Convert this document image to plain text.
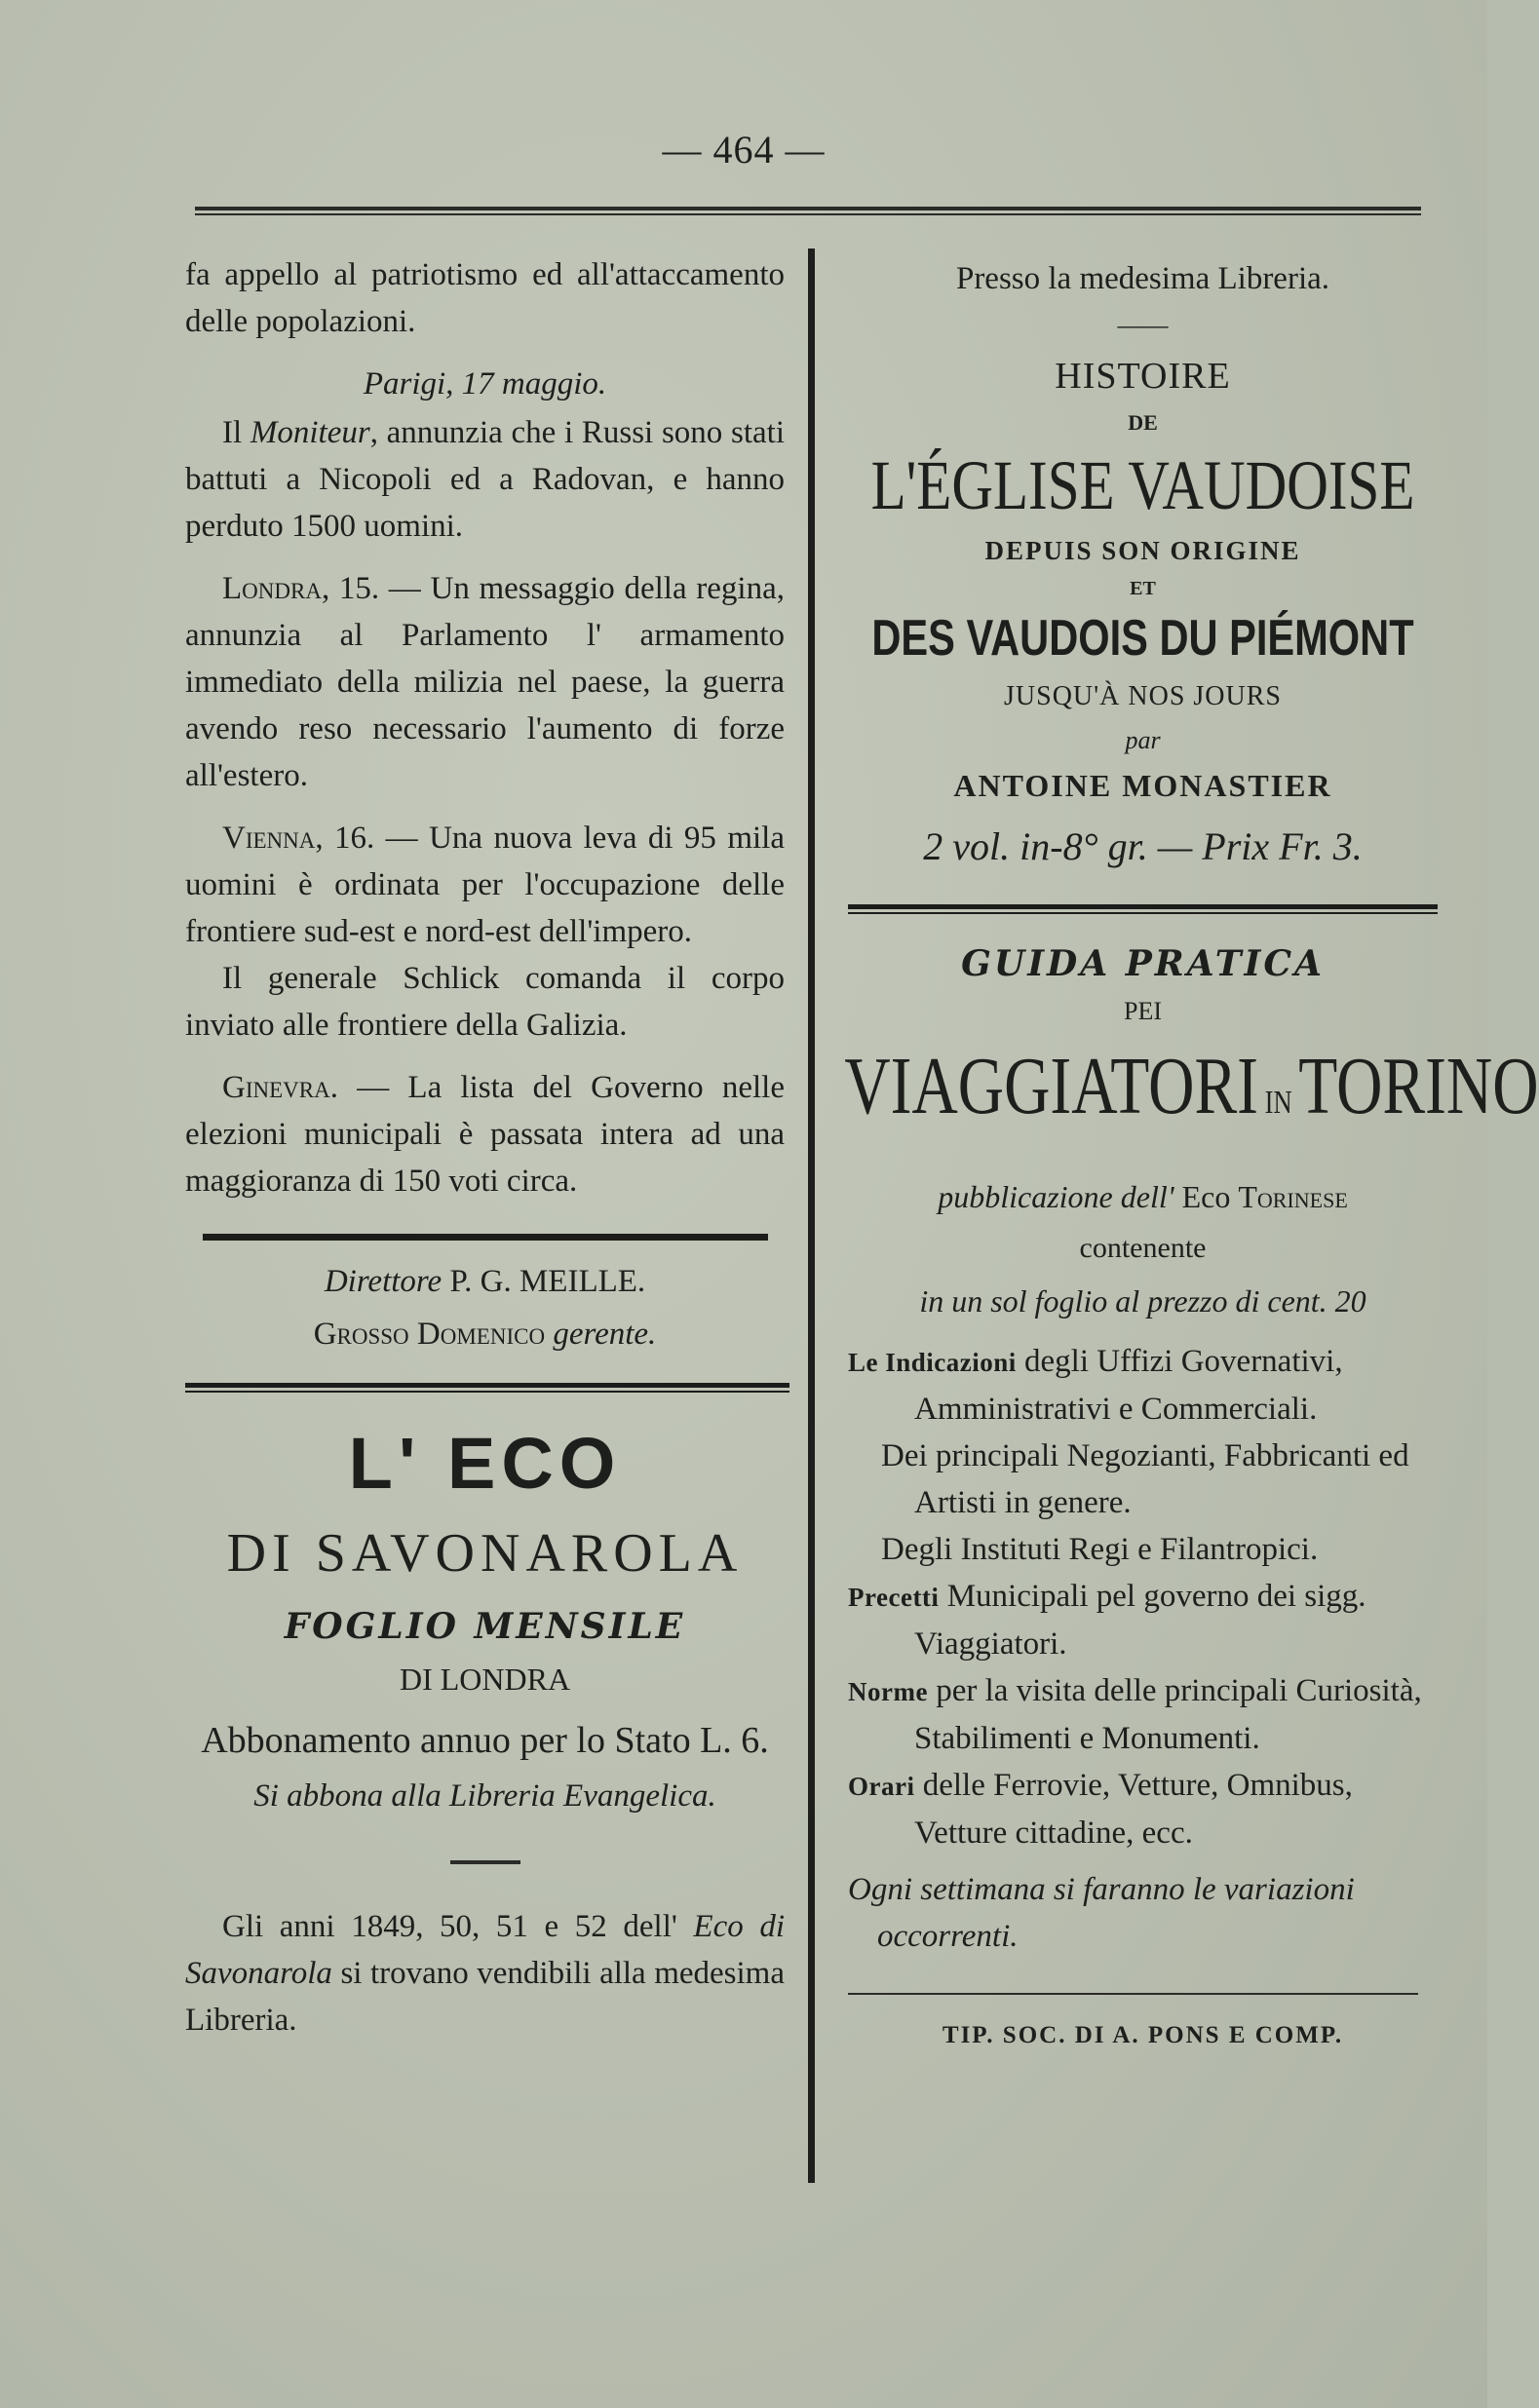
— 464 —

fa appello al patriotismo ed all'attaccamento delle popolazioni.

Parigi, 17 maggio.

Il Moniteur, annunzia che i Russi sono stati battuti a Nicopoli ed a Radovan, e hanno perduto 1500 uomini.

Londra, 15. — Un messaggio della regina, annunzia al Parlamento l' armamento immediato della milizia nel paese, la guerra avendo reso necessario l'aumento di forze all'estero.

Vienna, 16. — Una nuova leva di 95 mila uomini è ordinata per l'occupazione delle frontiere sud-est e nord-est dell'impero.

Il generale Schlick comanda il corpo inviato alle frontiere della Galizia.

Ginevra. — La lista del Governo nelle elezioni municipali è passata intera ad una maggioranza di 150 voti circa.

Direttore P. G. MEILLE.

Grosso Domenico gerente.

L' ECO

DI SAVONAROLA

FOGLIO MENSILE

DI LONDRA

Abbonamento annuo per lo Stato L. 6.

Si abbona alla Libreria Evangelica.

Gli anni 1849, 50, 51 e 52 dell' Eco di Savonarola si trovano vendibili alla medesima Libreria.

Presso la medesima Libreria.

——

HISTOIRE

DE

L'ÉGLISE VAUDOISE

DEPUIS SON ORIGINE

ET

DES VAUDOIS DU PIÉMONT

JUSQU'À NOS JOURS

par

ANTOINE MONASTIER

2 vol. in-8° gr. — Prix Fr. 3.

GUIDA PRATICA

PEI

VIAGGIATORI IN TORINO

pubblicazione dell' Eco Torinese

contenente

in un sol foglio al prezzo di cent. 20

Le Indicazioni degli Uffizi Governativi, Amministrativi e Commerciali.

Dei principali Negozianti, Fabbricanti ed Artisti in genere.

Degli Instituti Regi e Filantropici.

Precetti Municipali pel governo dei sigg. Viaggiatori.

Norme per la visita delle principali Curiosità, Stabilimenti e Monumenti.

Orari delle Ferrovie, Vetture, Omnibus, Vetture cittadine, ecc.

Ogni settimana si faranno le variazioni occorrenti.

TIP. SOC. DI A. PONS E COMP.
